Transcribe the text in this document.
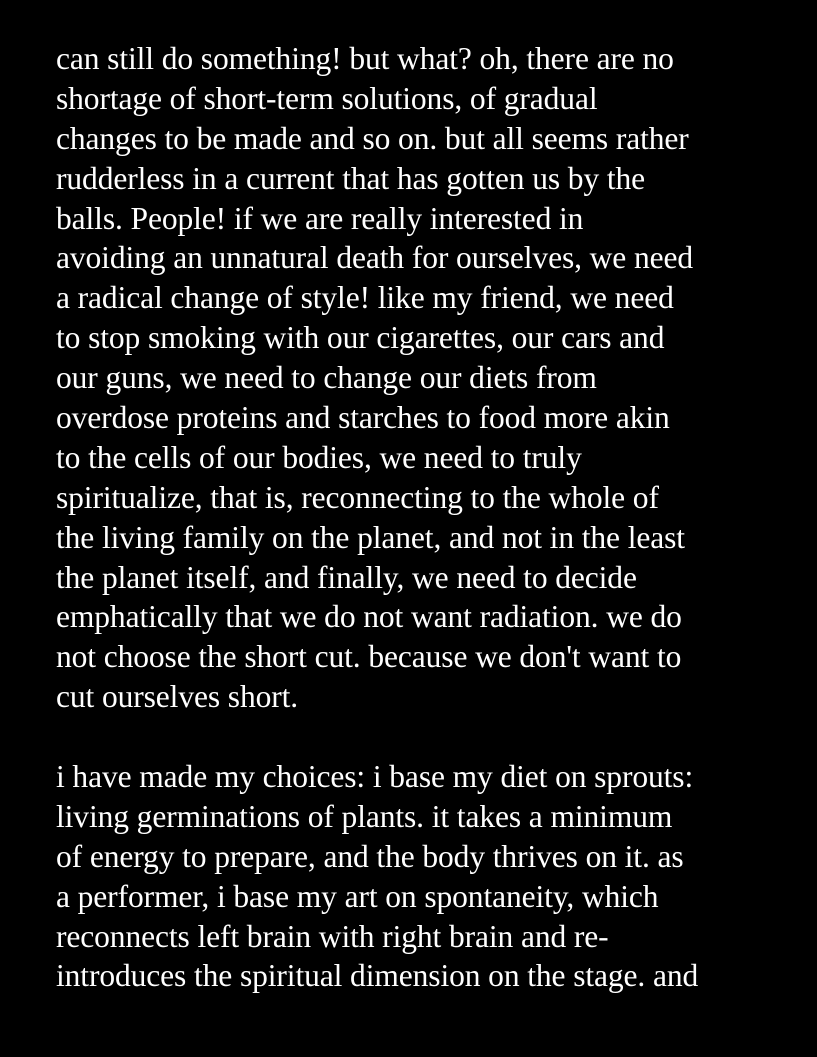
can still do something! but what? oh, there are no
shortage of short-term solutions, of gradual
changes to be made and so on. but all seems rather
rudderless in a current that has gotten us by the
balls. People! if we are really interested in
avoiding an unnatural death for ourselves, we need
a radical change of style! like my friend, we need
to stop smoking with our cigarettes, our cars and
our guns, we need to change our diets from
overdose proteins and starches to food more akin
to the cells of our bodies, we need to truly
spiritualize, that is, reconnecting to the whole of
the living family on the planet, and not in the least
the planet itself, and finally, we need to decide
emphatically that we do not want radiation. we do
not choose the short cut. because we don't want to
cut ourselves short.
i have made my choices: i base my diet on sprouts:
living germinations of plants. it takes a minimum
of energy to prepare, and the body thrives on it. as
a performer, i base my art on spontaneity, which
reconnects left brain with right brain and re-
introduces the spiritual dimension on the stage. and
